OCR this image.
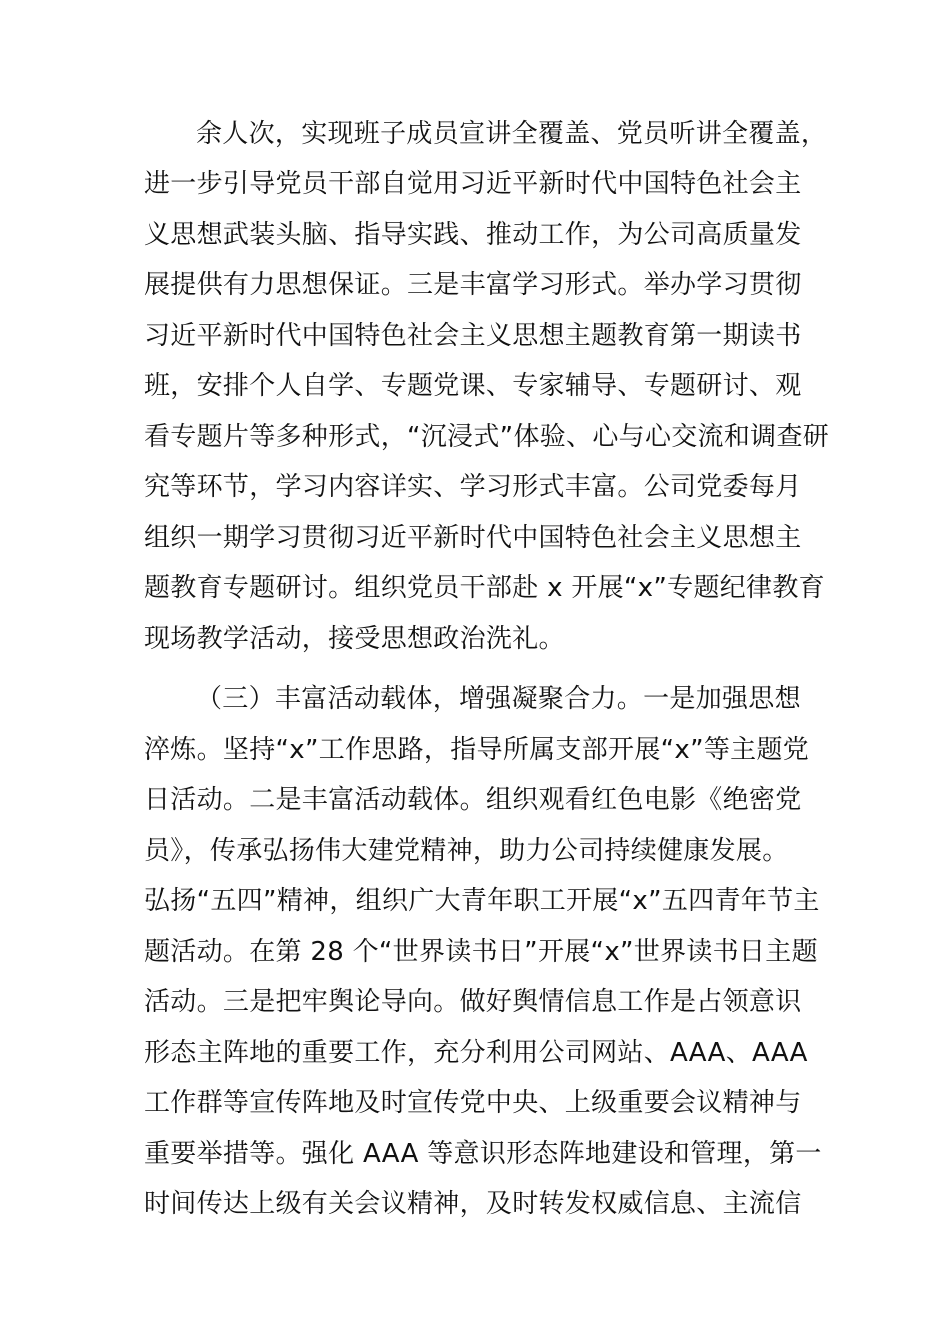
余人次，实现班子成员宣讲全覆盖、党员听讲全覆盖，
进一步引导党员干部自觉用习近平新时代中国特色社会主
义思想武装头脑、指导实践、推动工作，为公司高质量发
展提供有力思想保证。三是丰富学习形式。举办学习贯彻
习近平新时代中国特色社会主义思想主题教育第一期读书
班，安排个人自学、专题党课、专家辅导、专题研讨、观
看专题片等多种形式，“沉浸式”体验、心与心交流和调查研
究等环节，学习内容详实、学习形式丰富。公司党委每月
组织一期学习贯彻习近平新时代中国特色社会主义思想主
题教育专题研讨。组织党员干部赴 x 开展“x”专题纪律教育
现场教学活动，接受思想政治洗礼。
（三）丰富活动载体，增强凝聚合力。一是加强思想
淬炼。坚持“x”工作思路，指导所属支部开展“x”等主题党
日活动。二是丰富活动载体。组织观看红色电影《绝密党
员》，传承弘扬伟大建党精神，助力公司持续健康发展。
弘扬“五四”精神，组织广大青年职工开展“x”五四青年节主
题活动。在第 28 个“世界读书日”开展“x”世界读书日主题
活动。三是把牢舆论导向。做好舆情信息工作是占领意识
形态主阵地的重要工作，充分利用公司网站、AAA、AAA
工作群等宣传阵地及时宣传党中央、上级重要会议精神与
重要举措等。强化 AAA 等意识形态阵地建设和管理，第一
时间传达上级有关会议精神，及时转发权威信息、主流信
